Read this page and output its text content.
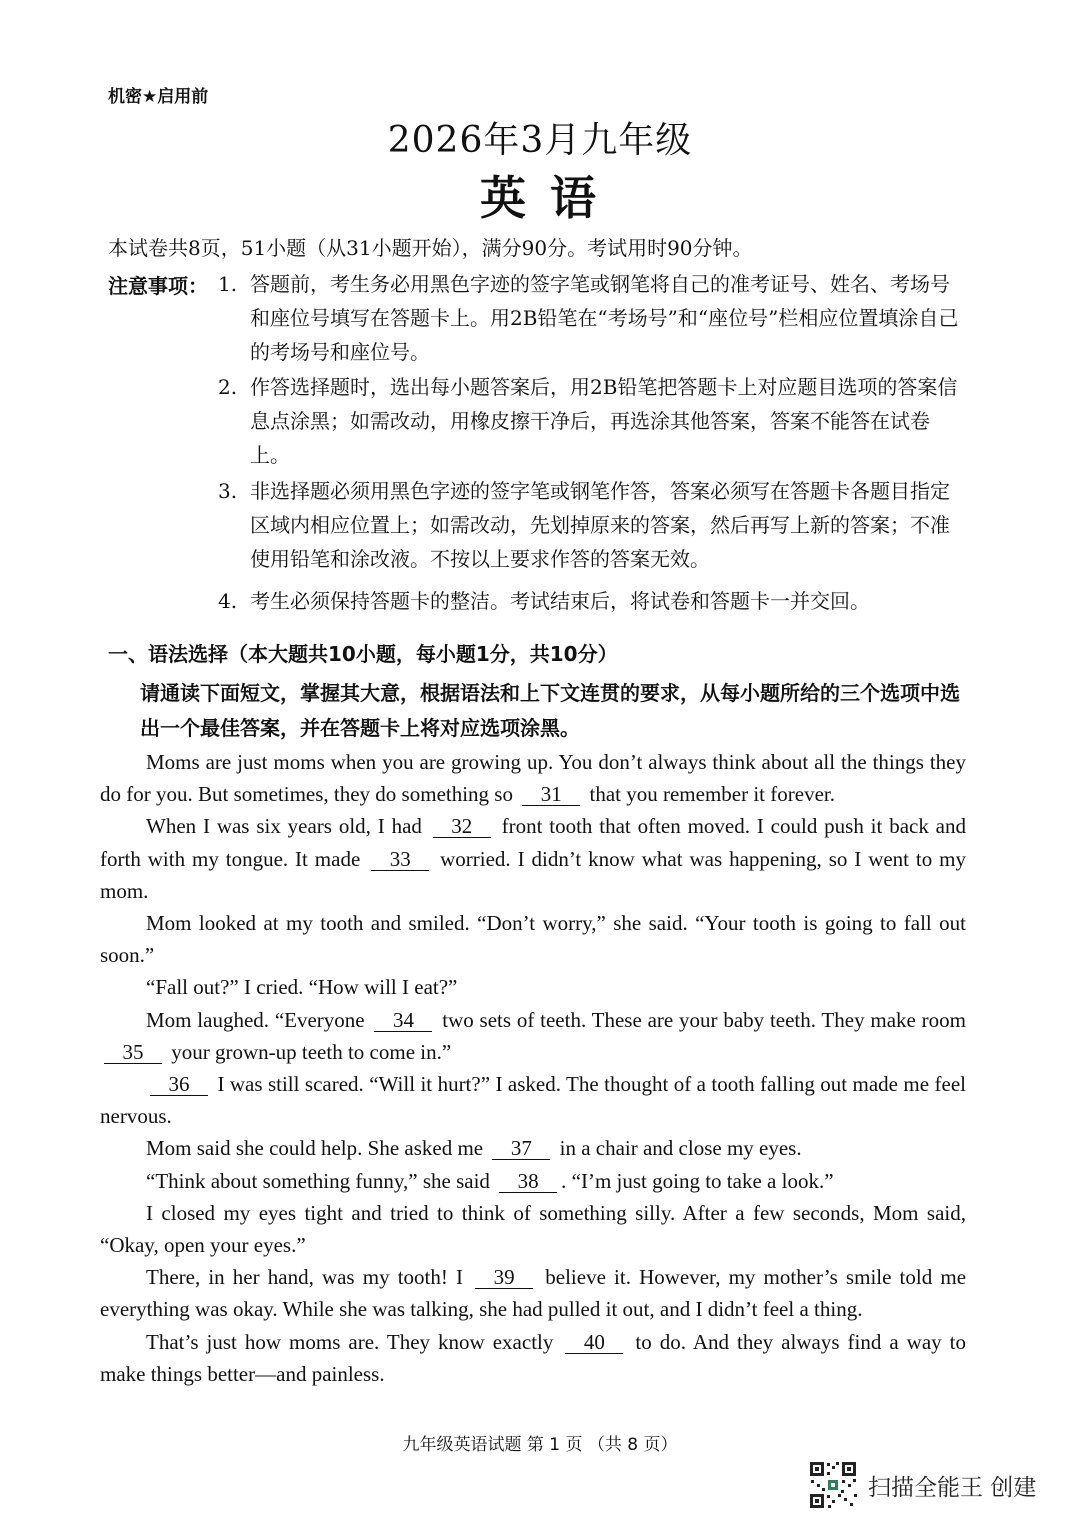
机密★启用前
2026年3月九年级
英 语
本试卷共8页，51小题（从31小题开始），满分90分。考试用时90分钟。
注意事项： 1. 答题前，考生务必用黑色字迹的签字笔或钢笔将自己的准考证号、姓名、考场号和座位号填写在答题卡上。用2B铅笔在“考场号”和“座位号”栏相应位置填涂自己的考场号和座位号。
2. 作答选择题时，选出每小题答案后，用2B铅笔把答题卡上对应题目选项的答案信息点涂黑；如需改动，用橡皮擦干净后，再选涂其他答案，答案不能答在试卷上。
3. 非选择题必须用黑色字迹的签字笔或钢笔作答，答案必须写在答题卡各题目指定区域内相应位置上；如需改动，先划掉原来的答案，然后再写上新的答案；不准使用铅笔和涂改液。不按以上要求作答的答案无效。
4. 考生必须保持答题卡的整洁。考试结束后，将试卷和答题卡一并交回。
一、语法选择（本大题共10小题，每小题1分，共10分）
请通读下面短文，掌握其大意，根据语法和上下文连贯的要求，从每小题所给的三个选项中选出一个最佳答案，并在答题卡上将对应选项涂黑。

Moms are just moms when you are growing up. You don’t always think about all the things they do for you. But sometimes, they do something so 31 that you remember it forever.

When I was six years old, I had 32 front tooth that often moved. I could push it back and forth with my tongue. It made 33 worried. I didn’t know what was happening, so I went to my mom.

Mom looked at my tooth and smiled. “Don’t worry,” she said. “Your tooth is going to fall out soon.”

“Fall out?” I cried. “How will I eat?”

Mom laughed. “Everyone 34 two sets of teeth. These are your baby teeth. They make room 35 your grown-up teeth to come in.”

36 I was still scared. “Will it hurt?” I asked. The thought of a tooth falling out made me feel nervous.

Mom said she could help. She asked me 37 in a chair and close my eyes.

“Think about something funny,” she said 38 . “I’m just going to take a look.”

I closed my eyes tight and tried to think of something silly. After a few seconds, Mom said, “Okay, open your eyes.”

There, in her hand, was my tooth! I 39 believe it. However, my mother’s smile told me everything was okay. While she was talking, she had pulled it out, and I didn’t feel a thing.

That’s just how moms are. They know exactly 40 to do. And they always find a way to make things better—and painless.

九年级英语试题 第 1 页 （共 8 页）
扫描全能王 创建
